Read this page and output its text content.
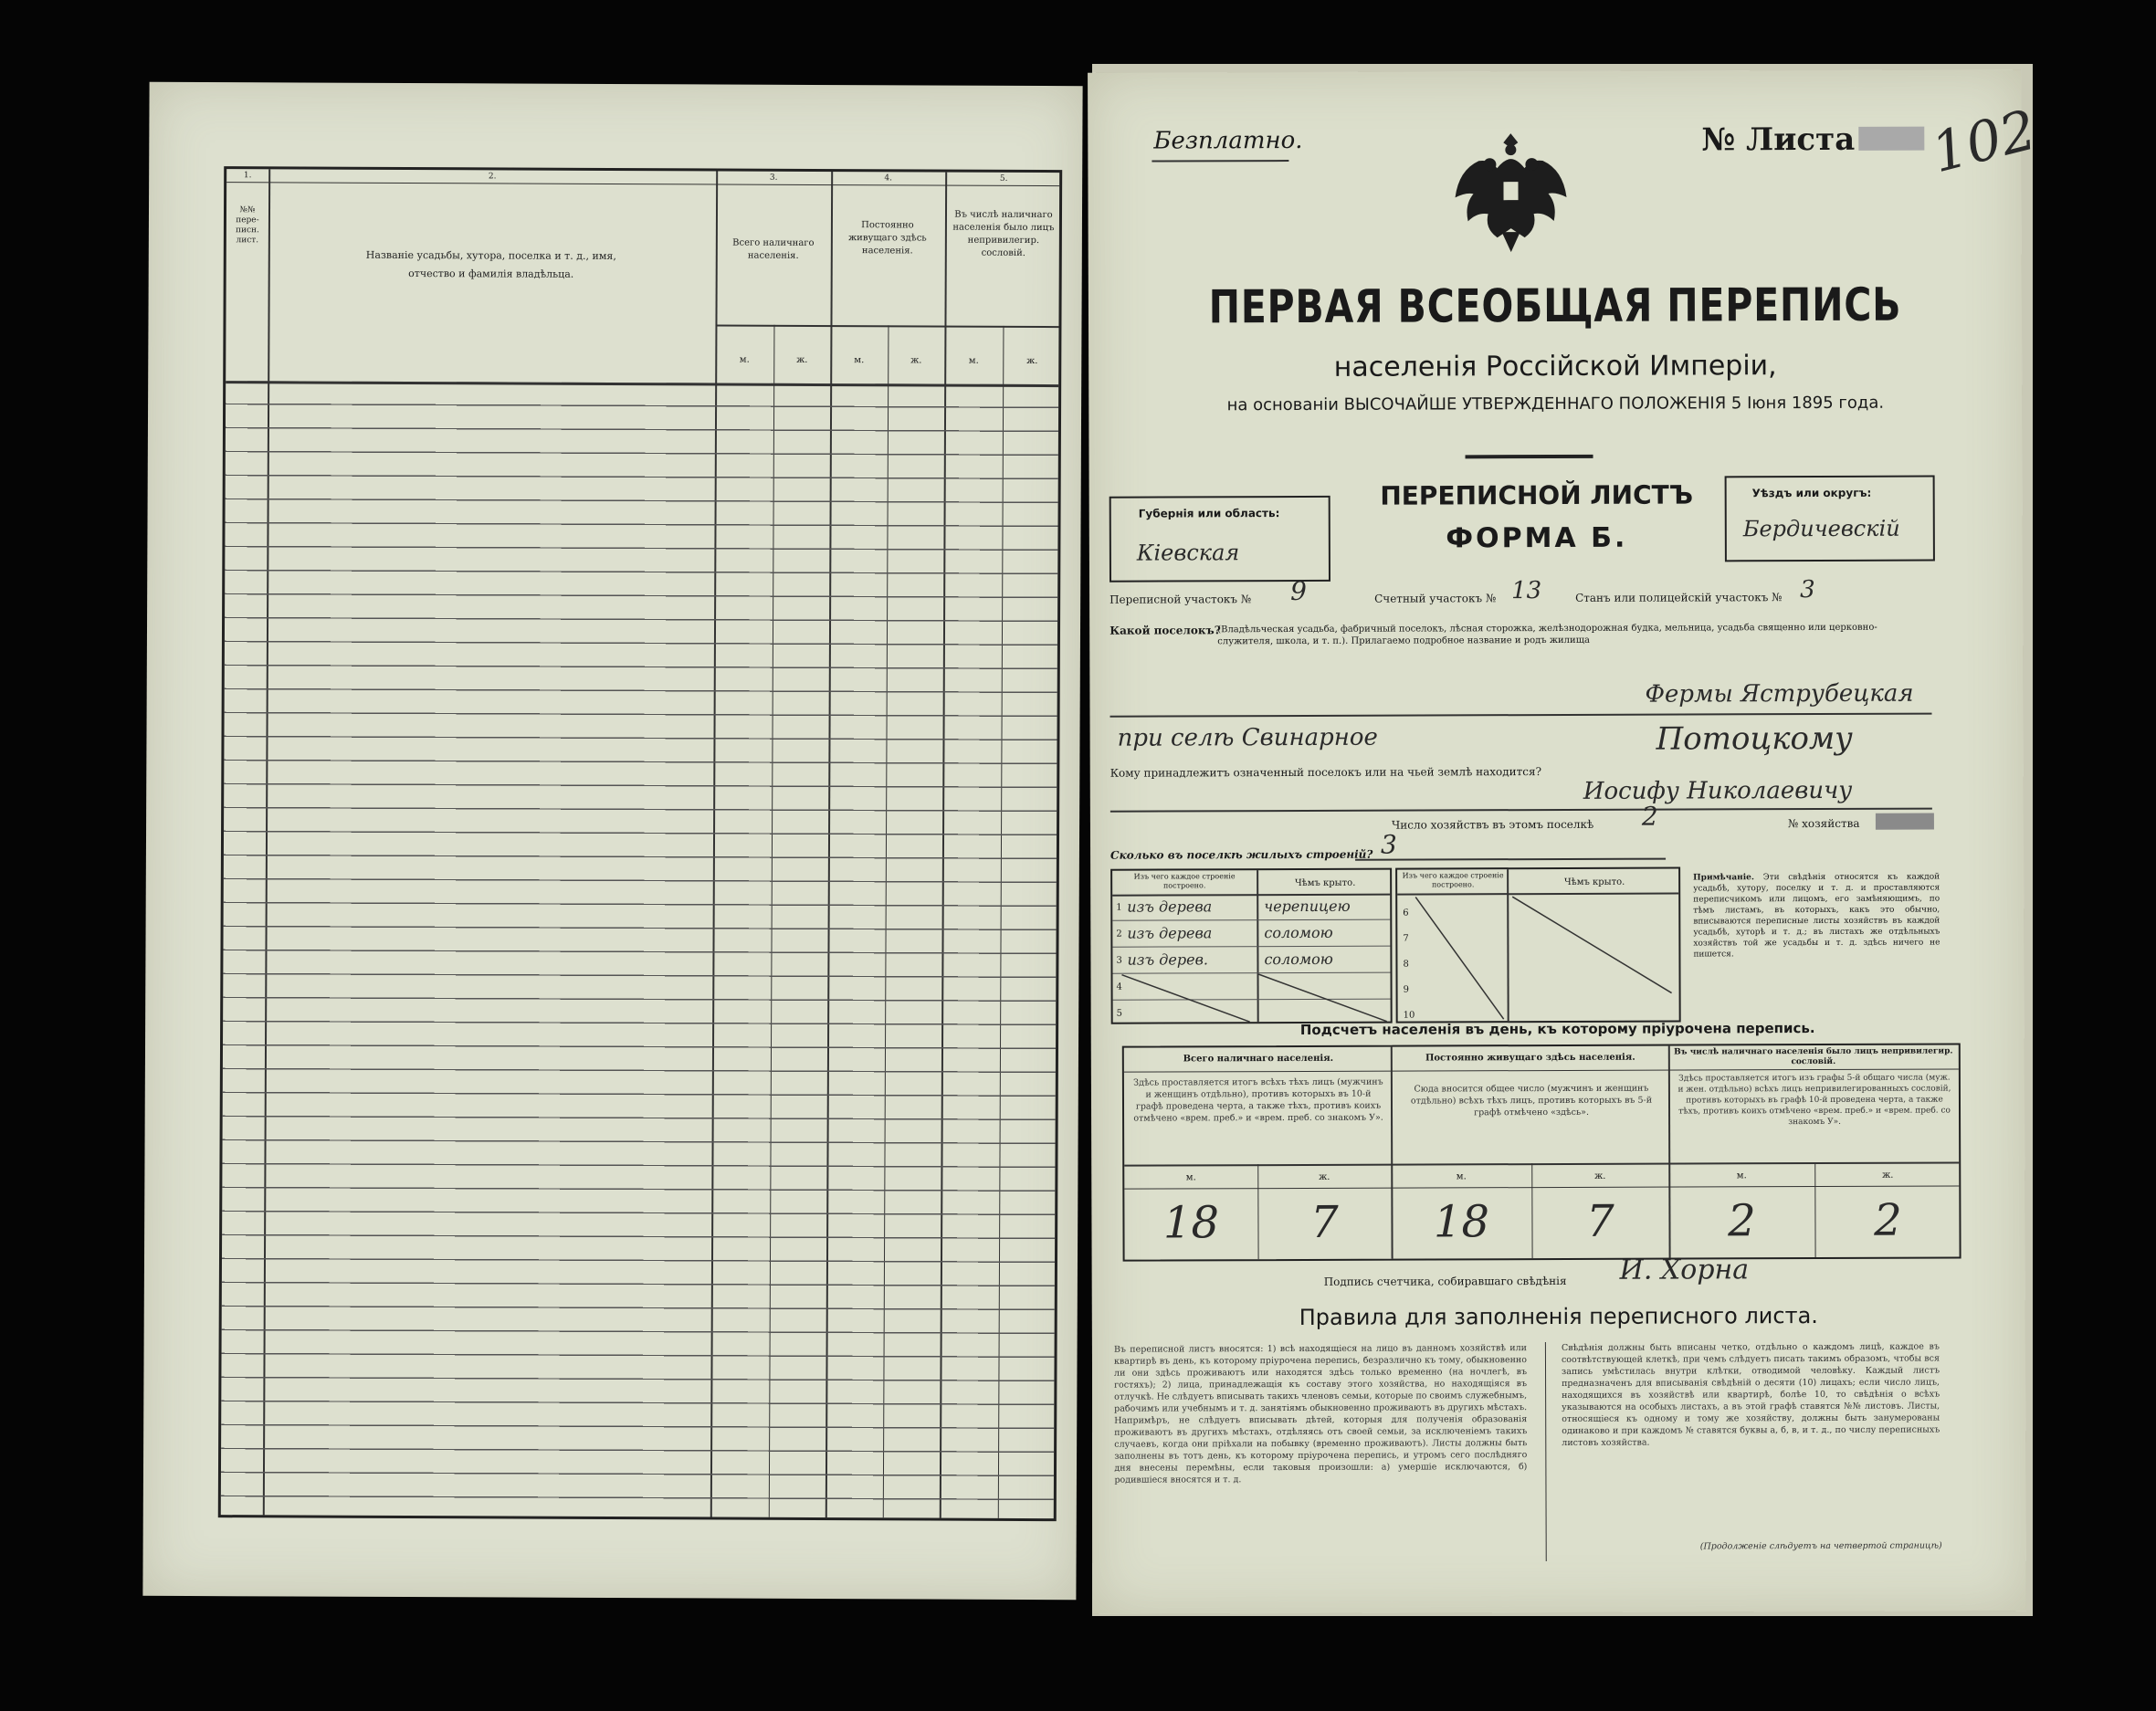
1.	2.	3.	4.	5.
№№ пере-писн. лист.
Названіе усадьбы, хутора, поселка и т. д., имя, отчество и фамилія владѣльца.
Всего наличнаго населенія.
Постоянно живущаго здѣсь населенія.
Въ числѣ наличнаго населенія было лицъ непривилегир. сословій.
м.	ж.	м.	ж.	м.	ж.
Безплатно.	№ Листа 102
ПЕРВАЯ ВСЕОБЩАЯ ПЕРЕПИСЬ
населенія Россійской Имперіи,
на основаніи ВЫСОЧАЙШЕ УТВЕРЖДЕННАГО ПОЛОЖЕНІЯ 5 Іюня 1895 года.
Губернія или область:
Кiевская
ПЕРЕПИСНОЙ ЛИСТЪ
ФОРМА Б.
Уѣздъ или округъ:
Бердичевскiй
Переписной участокъ № 9	Счетный участокъ № 13	Станъ или полицейскій участокъ № 3
Какой поселокъ?
(Владѣльческая усадьба, фабричный поселокъ, лѣсная сторожка, желѣзнодорожная будка, мельница, усадьба священно или церковно-служителя, школа, и т. п.). Прилагаемо подробное название и родъ жилища
Фермы Яструбецкая
при селѣ Свинарное	Потоцкому
Кому принадлежитъ означенный поселокъ или на чьей землѣ находится?
Иосифу Николаевичу
Число хозяйствъ въ этомъ поселкѣ 2	№ хозяйства
Сколько въ поселкѣ жилыхъ строеній? 3
Изъ чего каждое строеніе построено.	Чѣмъ крыто.
1 изъ дерева	черепицею
2 изъ дерева	соломою
3 изъ дерев.	соломою
4
5
Изъ чего каждое строеніе построено.	Чѣмъ крыто.
6
7
8
9
10
Примѣчаніе. Эти свѣдѣнія относятся къ каждой усадьбѣ, хутору, поселку и т. д. и проставляются переписчикомъ или лицомъ, его замѣняющимъ, по тѣмъ листамъ, въ которыхъ, какъ это обычно, вписываются переписные листы хозяйствъ въ каждой усадьбѣ, хуторѣ и т. д.; въ листахъ же отдѣльныхъ хозяйствъ той же усадьбы и т. д. здѣсь ничего не пишется.
Подсчетъ населенія въ день, къ которому пріурочена перепись.
Всего наличнаго населенія.	Постоянно живущаго здѣсь населенія.
Въ числѣ наличнаго населенія было лицъ непривилегир. сословій.
Здѣсь проставляется итогъ всѣхъ тѣхъ лицъ (мужчинъ и женщинъ отдѣльно), противъ которыхъ въ 10-й графѣ проведена черта, а также тѣхъ, противъ коихъ отмѣчено «врем. преб.» и «врем. преб. со знакомъ У».
Сюда вносится общее число (мужчинъ и женщинъ отдѣльно) всѣхъ тѣхъ лицъ, противъ которыхъ въ 5-й графѣ отмѣчено «здѣсь».
Здѣсь проставляется итогъ изъ графы 5-й общаго числа (муж. и жен. отдѣльно) всѣхъ лицъ непривилегированныхъ сословій, противъ которыхъ въ графѣ 10-й проведена черта, а также тѣхъ, противъ коихъ отмѣчено «врем. преб.» и «врем. преб. со знакомъ У».
м.	ж.	м.	ж.	м.	ж.
18	7	18	7	2	2
Подпись счетчика, собиравшаго свѣдѣнія И. Хорна
Правила для заполненія переписного листа.
Въ переписной листъ вносятся: 1) всѣ находящіеся на лицо въ данномъ хозяйствѣ или квартирѣ въ день, къ которому пріурочена перепись, безразлично къ тому, обыкновенно ли они здѣсь проживаютъ или находятся здѣсь только временно (на ночлегѣ, въ гостяхъ); 2) лица, принадлежащія къ составу этого хозяйства, но находящіяся въ отлучкѣ. Не слѣдуетъ вписывать такихъ членовъ семьи, которые по своимъ служебнымъ, рабочимъ или учебнымъ и т. д. занятіямъ обыкновенно проживаютъ въ другихъ мѣстахъ. Напримѣръ, не слѣдуетъ вписывать дѣтей, которыя для полученія образованія проживаютъ въ другихъ мѣстахъ, отдѣляясь отъ своей семьи, за исключеніемъ такихъ случаевъ, когда они пріѣхали на побывку (временно проживаютъ). Листы должны быть заполнены въ тотъ день, къ которому пріурочена перепись, и утромъ сего послѣдняго дня внесены перемѣны, если таковыя произошли: а) умершіе исключаются, б) родившіеся вносятся и т. д.
Свѣдѣнія должны быть вписаны четко, отдѣльно о каждомъ лицѣ, каждое въ соотвѣтствующей клеткѣ, при чемъ слѣдуетъ писать такимъ образомъ, чтобы вся запись умѣстилась внутри клѣтки, отводимой человѣку. Каждый листъ предназначенъ для вписыванія свѣдѣній о десяти (10) лицахъ; если число лицъ, находящихся въ хозяйствѣ или квартирѣ, болѣе 10, то свѣдѣнія о всѣхъ указываются на особыхъ листахъ, а въ этой графѣ ставятся №№ листовъ. Листы, относящіеся къ одному и тому же хозяйству, должны быть занумерованы одинаково и при каждомъ № ставятся буквы а, б, в, и т. д., по числу переписныхъ листовъ хозяйства.
(Продолженіе слѣдуетъ на четвертой страницѣ)
